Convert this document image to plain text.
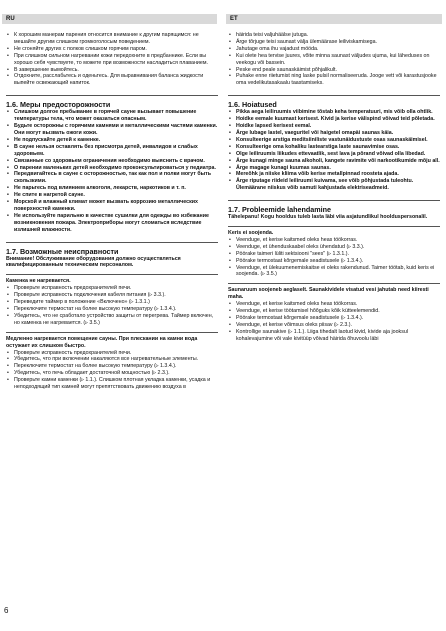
RU	ET
• К хорошим манерам парения относится внимание к другим парящимся: не мешайте другим слишком громкоголосым поведением.
• Не сгоняйте других с полков слишком горячим паром.
• При слишком сильном нагревании кожи передохните в предбаннике. Если вы хорошо себя чувствуете, то можете при возможности насладиться плаванием.
• В завершение вымойтесь.
• Отдохните, расслабьтесь и оденьтесь. Для выравнивания баланса жидкости выпейте освежающий напиток.
1.6. Меры предосторожности
• Слишком долгое пребывание в горячей сауне вызывает повышение температуры тела, что может оказаться опасным.
• Будьте осторожны с горячими камнями и металлическими частями каменки. Они могут вызвать ожоги кожи.
• Не подпускайте детей к каменке.
• В сауне нельзя оставлять без присмотра детей, инвалидов и слабых здоровьем.
• Связанные со здоровьем ограничения необходимо выяснить с врачом.
• О парении маленьких детей необходимо проконсультироваться у педиатра.
• Передвигайтесь в сауне с осторожностью, так как пол и полки могут быть скользкими.
• Не парьтесь под влиянием алкоголя, лекарств, наркотиков и т. п.
• Не спите в нагретой сауне.
• Морской и влажный климат может вызвать коррозию металлических поверхностей каменки.
• Не используйте парильню в качестве сушилки для одежды во избежание возникновения пожара. Электроприборы могут сломаться вследствие излишней влажности.
1.7. Возможные неисправности

Внимание! Обслуживание оборудования должно осуществляться квалифицированным техническим персоналом.

Каменка не нагревается.

• Проверьте исправность предохранителей печи.
• Проверьте исправность подключения кабеля питания (▹ 3.3.).
• Переведите таймер в положение «Включено» (▹ 1.3.1.)
• Переключите термостат на более высокую температуру (▹ 1.3.4.).
• Убедитесь, что не сработало устройство защиты от перегрева. Таймер включен, но каменка не нагревается. (▹ 3.5.)

Медленно нагревается помещение сауны. При плескании на камни вода остужает их слишком быстро.

• Проверьте исправность предохранителей печи.
• Убедитесь, что при включении накаляются все нагревательные элементы.
• Переключите термостат на более высокую температуру (▹ 1.3.4.).
• Убедитесь, что печь обладает достаточной мощностью (▹ 2.3.).
• Проверьте камни каменки (▹ 1.1.). Слишком плотная укладка каменки, усадка и неподходящий тип камней могут препятствовать движению воздуха в
• häirida teisi valjuhäälse jutuga.
• Ärge tõrjuge teisi saunast välja ülemäärase leiliviskamisega.
• Jahutage oma ihu vajadust mööda.
• Kui olete hea tervise juures, võite minna saunast väljudes ujuma, kui läheduses on veekogu või bassein.
• Peske end peale saunaskäimist põhjalikult.
• Puhake enne riietumist ning laske pulsil normaliseeruda. Jooge vett või karastusjooke oma vedelikutasakaalu taastamiseks.
1.6. Hoiatused
• Pikka aega leiliruumis viibimine tõstab keha temperatuuri, mis võib olla ohtlik.
• Hoidke eemale kuumast kerisest. Kivid ja kerise välispind võivad teid põletada.
• Hoidke lapsed kerisest eemal.
• Ärge lubage lastel, vaeguritel või haigetel omapäi saunas käia.
• Konsulteerige arstiga meditsiiniliste vastunäidustuste osas saunaskäimisel.
• Konsulteerige oma kohaliku lastearstiga laste saunavimise osas.
• Olge leiliruumis liikudes ettevaatlik, sest lava ja põrand võivad olla libedad.
• Ärge kunagi minge sauna alkoholi, kangete ravimite või narkootikumide mõju all.
• Ärge magage kunagi kuumas saunas.
• Mereõhk ja niiske kliima võib kerise metallpinnad roosteta ajada.
• Ärge riputage riideid leiliruumi kuivama, see võib põhjustada tuleohtu. Ülemäärane niiskus võib samuti kahjustada elektriseadmeid.
1.7. Probleemide lahendamine

Tähelepanu! Kogu hooldus tuleb lasta läbi viia asjatundlikul hoolduspersonalil.

Keris ei soojenda.

• Veenduge, et kerise kaitsmed oleks heas töökorras.
• Veenduge, et ühenduskaabel oleks ühendatud (▹ 3.3.).
• Pöörake taimeri lüliti sektsiooni "sees" (▹ 1.3.1.).
• Pöörake termostaat kõrgemale seadistusele (▹ 1.3.4.).
• Veenduge, et ülekuumenemiskaitse ei oleks rakendunud. Taimer töötab, kuid keris ei soojenda. (▹ 3.5.)

Saunaruum soojeneb aeglaselt. Saunakividele visatud vesi jahutab need kiiresti maha.

• Veenduge, et kerise kaitsmed oleks heas töökorras.
• Veenduge, et kerise töötamisel hõõguks kõik kütteelemendid.
• Pöörake termostaat kõrgemale seadistusele (▹ 1.3.4.).
• Veenduge, et kerise võimsus oleks piisav (▹ 2.3.).
• Kontrollige saunakive (▹ 1.1.). Liiga tihedalt laotud kivid, kivide aja jooksul kohalevajumine või vale kivitüüp võivad häirida õhuvoolu läbi
6
